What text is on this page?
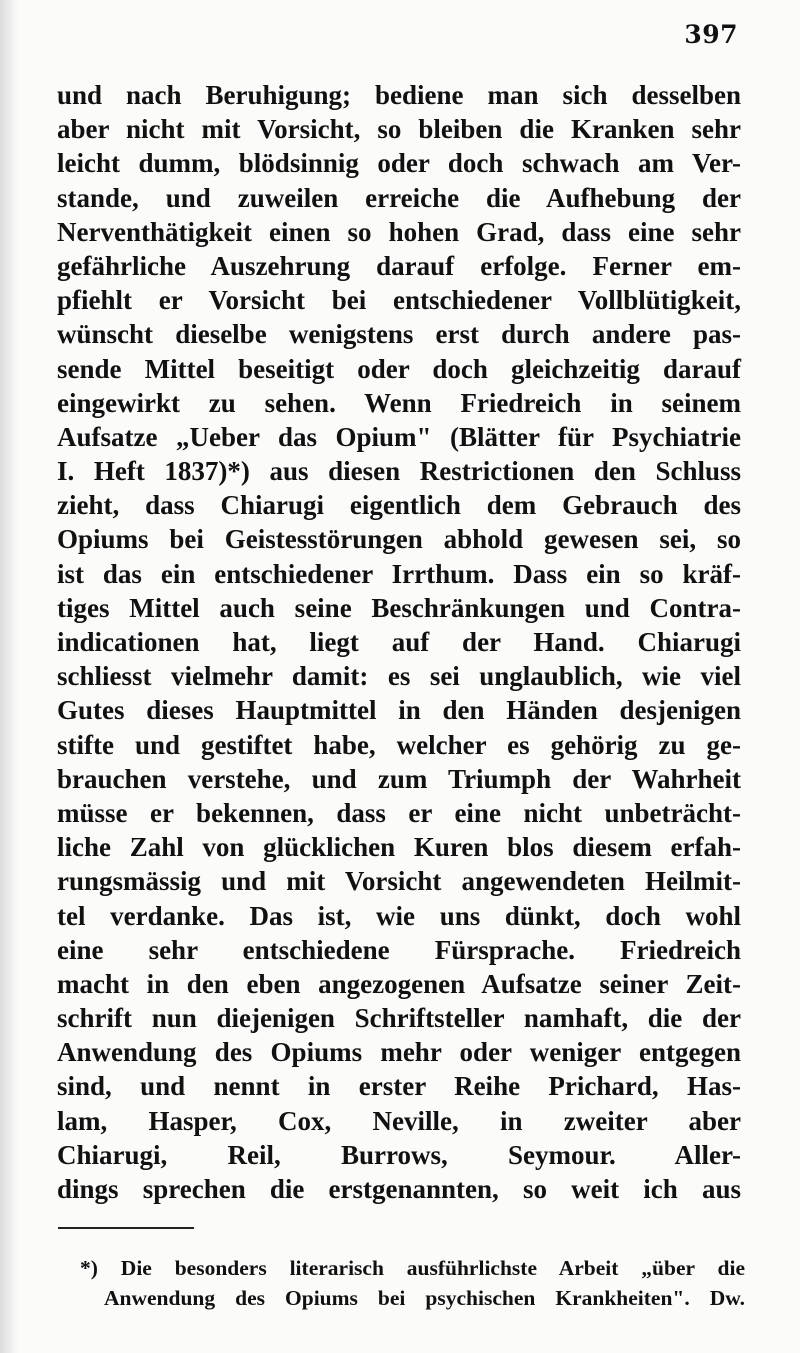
397
und nach Beruhigung; bediene man sich desselben
aber nicht mit Vorsicht, so bleiben die Kranken sehr
leicht dumm, blödsinnig oder doch schwach am Ver-
stande, und zuweilen erreiche die Aufhebung der
Nerventhätigkeit einen so hohen Grad, dass eine sehr
gefährliche Auszehrung darauf erfolge. Ferner em-
pfiehlt er Vorsicht bei entschiedener Vollblütigkeit,
wünscht dieselbe wenigstens erst durch andere pas-
sende Mittel beseitigt oder doch gleichzeitig darauf
eingewirkt zu sehen. Wenn Friedreich in seinem
Aufsatze „Ueber das Opium" (Blätter für Psychiatrie
I. Heft 1837)*) aus diesen Restrictionen den Schluss
zieht, dass Chiarugi eigentlich dem Gebrauch des
Opiums bei Geistesstörungen abhold gewesen sei, so
ist das ein entschiedener Irrthum. Dass ein so kräf-
tiges Mittel auch seine Beschränkungen und Contra-
indicationen hat, liegt auf der Hand. Chiarugi
schliesst vielmehr damit: es sei unglaublich, wie viel
Gutes dieses Hauptmittel in den Händen desjenigen
stifte und gestiftet habe, welcher es gehörig zu ge-
brauchen verstehe, und zum Triumph der Wahrheit
müsse er bekennen, dass er eine nicht unbeträcht-
liche Zahl von glücklichen Kuren blos diesem erfah-
rungsmässig und mit Vorsicht angewendeten Heilmit-
tel verdanke. Das ist, wie uns dünkt, doch wohl
eine sehr entschiedene Fürsprache. Friedreich
macht in den eben angezogenen Aufsatze seiner Zeit-
schrift nun diejenigen Schriftsteller namhaft, die der
Anwendung des Opiums mehr oder weniger entgegen
sind, und nennt in erster Reihe Prichard, Has-
lam, Hasper, Cox, Neville, in zweiter aber
Chiarugi, Reil, Burrows, Seymour. Aller-
dings sprechen die erstgenannten, so weit ich aus
*) Die besonders literarisch ausführlichste Arbeit „über die
Anwendung des Opiums bei psychischen Krankheiten". Dw.
